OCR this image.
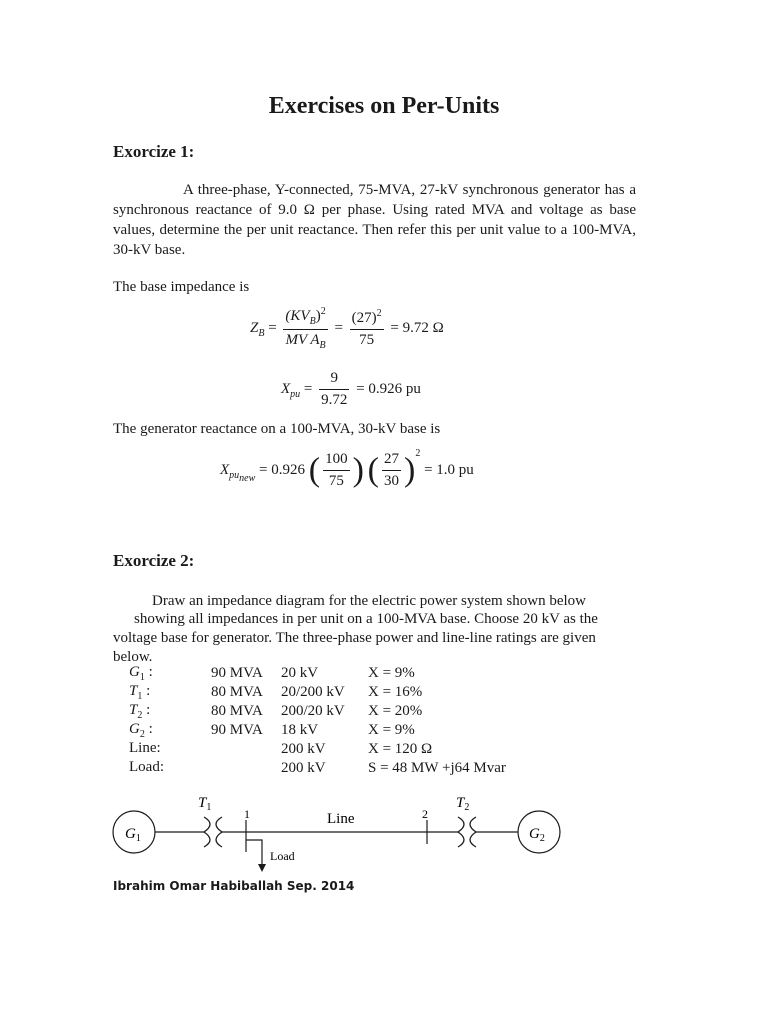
Exercises on Per-Units
Exorcize 1:
A three-phase, Y-connected, 75-MVA, 27-kV synchronous generator has a synchronous reactance of 9.0 Ω per phase. Using rated MVA and voltage as base values, determine the per unit reactance. Then refer this per unit value to a 100-MVA, 30-kV base.
The base impedance is
$Z_B = \frac{(KV_B)^2}{MV A_B} = \frac{(27)^2}{75} = 9.72$ Ω
$X_{pu} = \frac{9}{9.72} = 0.926$ pu
The generator reactance on a 100-MVA, 30-kV base is
$X_{pu_{new}} = 0.926$ ( $\frac{100}{75}$ ) ( $\frac{27}{30} )^2 = 1.0$ pu
Exorcize 2:
Draw an impedance diagram for the electric power system shown below
showing all impedances in per unit on a 100-MVA base. Choose 20 kV as the
voltage base for generator. The three-phase power and line-line ratings are given
below.
$G_1$ :	90 MVA	20 kV	X = 9%
$T_1$ :	80 MVA	20/200 kV	X = 16%
$T_2$ :	80 MVA	200/20 kV	X = 20%
$G_2$ :	90 MVA	18 kV	X = 9%
Line:		200 kV	X = 120 Ω
Load:		200 kV	S = 48 MW +j64 Mvar
$G_1$
$T_1$	1
Load
Line	2
$T_2$
$G_2$
Ibrahim Omar Habiballah Sep. 2014
